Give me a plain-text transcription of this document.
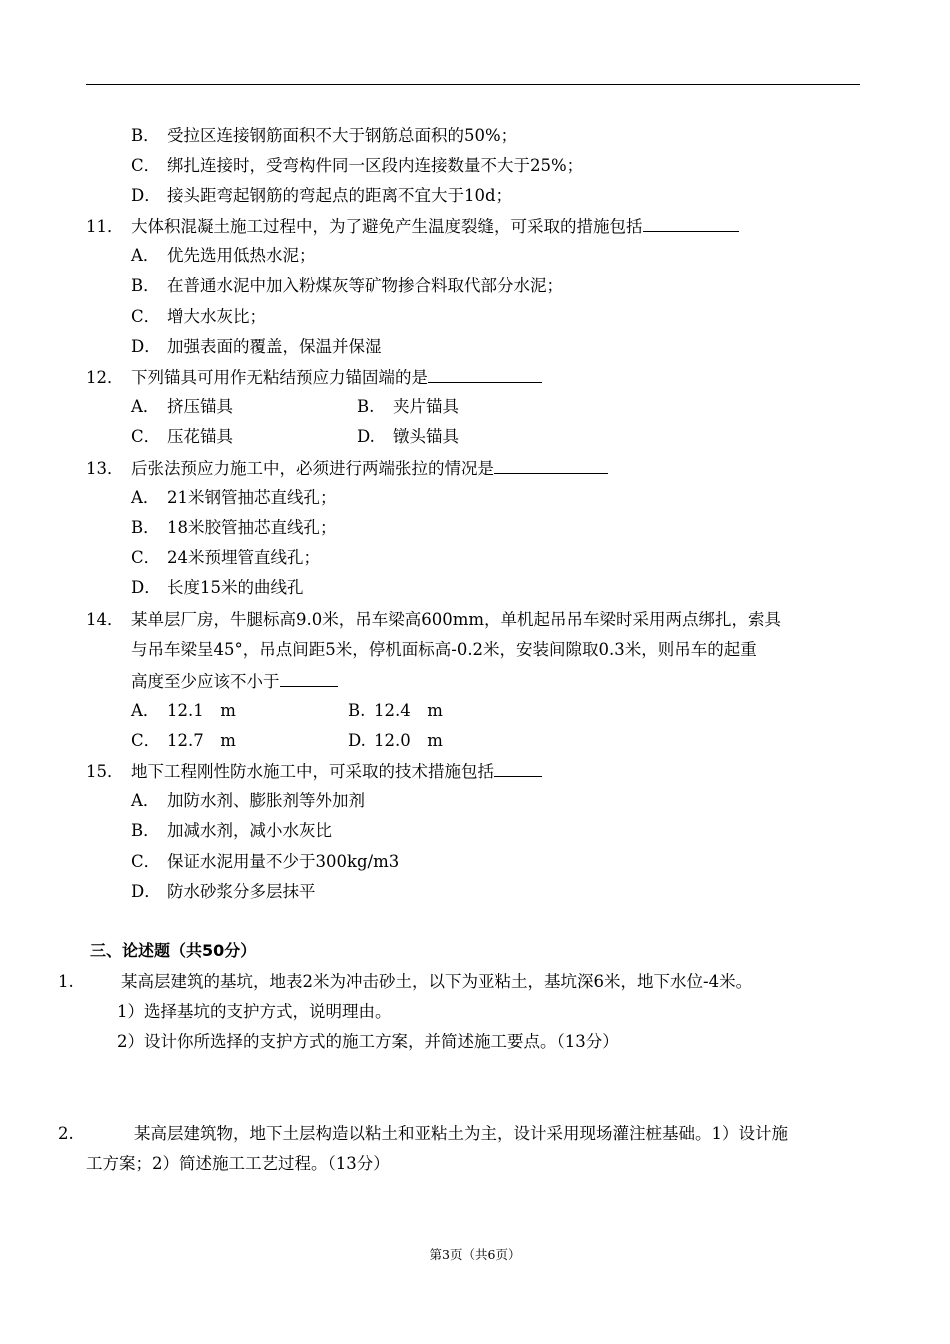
B． 受拉区连接钢筋面积不大于钢筋总面积的50%；
C． 绑扎连接时，受弯构件同一区段内连接数量不大于25%；
D． 接头距弯起钢筋的弯起点的距离不宜大于10d；
11． 大体积混凝土施工过程中，为了避免产生温度裂缝，可采取的措施包括
A． 优先选用低热水泥；
B． 在普通水泥中加入粉煤灰等矿物掺合料取代部分水泥；
C． 增大水灰比；
D． 加强表面的覆盖，保温并保湿
12． 下列锚具可用作无粘结预应力锚固端的是
A． 挤压锚具	B. 夹片锚具
C． 压花锚具	D. 镦头锚具
13． 后张法预应力施工中，必须进行两端张拉的情况是
A． 21米钢管抽芯直线孔；
B． 18米胶管抽芯直线孔；
C． 24米预埋管直线孔；
D． 长度15米的曲线孔
14． 某单层厂房，牛腿标高9.0米，吊车梁高600mm，单机起吊吊车梁时采用两点绑扎，索具
与吊车梁呈45°，吊点间距5米，停机面标高-0.2米，安装间隙取0.3米，则吊车的起重
高度至少应该不小于
A． 12.1　m	B. 12.4　m
C． 12.7　m	D. 12.0　m
15． 地下工程刚性防水施工中，可采取的技术措施包括
A． 加防水剂、膨胀剂等外加剂
B． 加减水剂，减小水灰比
C． 保证水泥用量不少于300kg/m3
D． 防水砂浆分多层抹平
三、论述题（共50分）
1.	某高层建筑的基坑，地表2米为冲击砂土，以下为亚粘土，基坑深6米，地下水位-4米。
1）选择基坑的支护方式，说明理由。
2）设计你所选择的支护方式的施工方案，并简述施工要点。（13分）
2.	某高层建筑物，地下土层构造以粘土和亚粘土为主，设计采用现场灌注桩基础。1）设计施
工方案；2）简述施工工艺过程。（13分）
第3页（共6页）
